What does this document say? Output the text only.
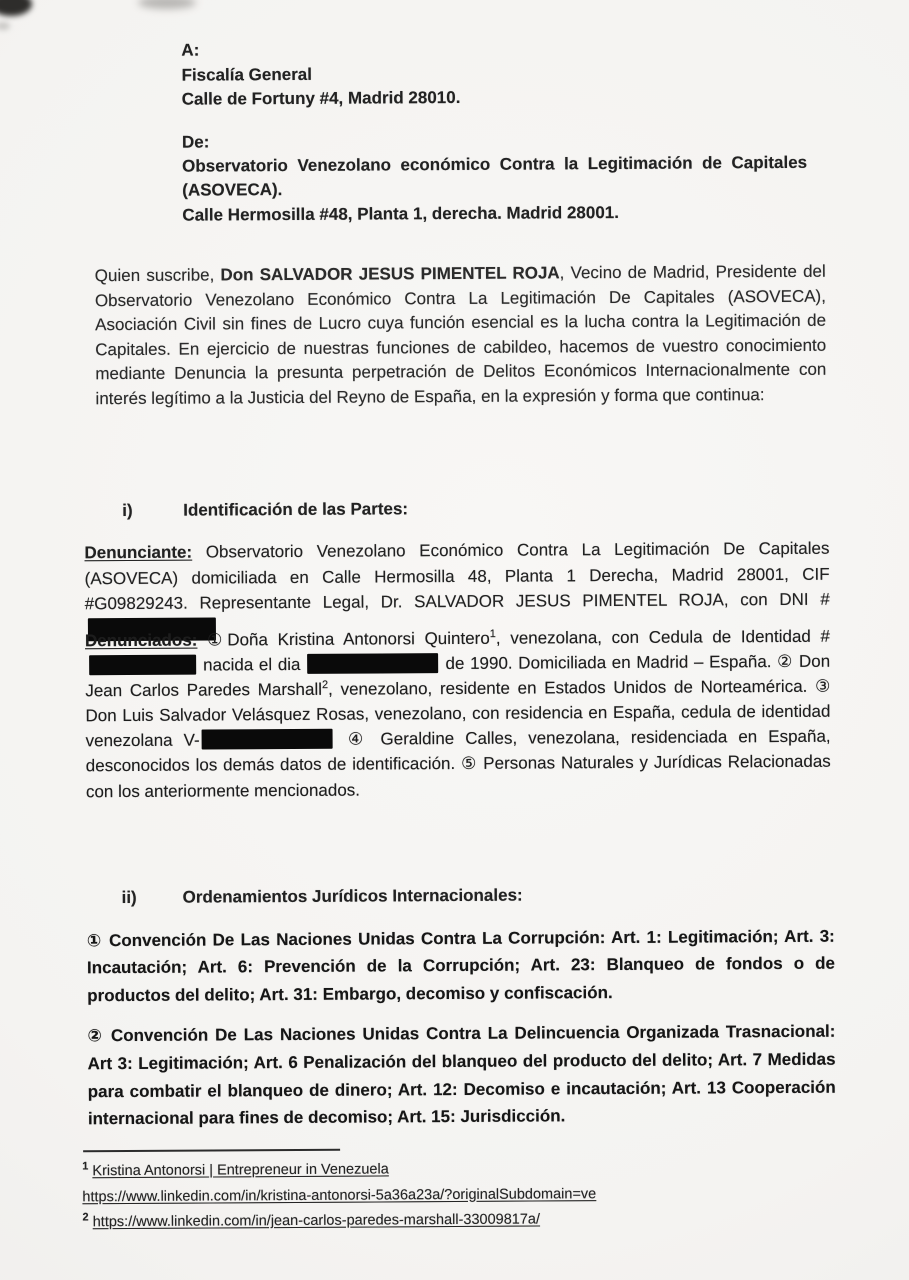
A:
Fiscalía General
Calle de Fortuny #4, Madrid 28010.
De:
Observatorio Venezolano económico Contra la Legitimación de Capitales
(ASOVECA).
Calle Hermosilla #48, Planta 1, derecha. Madrid 28001.

Quien suscribe, Don SALVADOR JESUS PIMENTEL ROJA, Vecino de Madrid, Presidente del Observatorio Venezolano Económico Contra La Legitimación De Capitales (ASOVECA), Asociación Civil sin fines de Lucro cuya función esencial es la lucha contra la Legitimación de Capitales. En ejercicio de nuestras funciones de cabildeo, hacemos de vuestro conocimiento mediante Denuncia la presunta perpetración de Delitos Económicos Internacionalmente con interés legítimo a la Justicia del Reyno de España, en la expresión y forma que continua:

i)	Identificación de las Partes:

Denunciante: Observatorio Venezolano Económico Contra La Legitimación De Capitales (ASOVECA) domiciliada en Calle Hermosilla 48, Planta 1 Derecha, Madrid 28001, CIF #G09829243. Representante Legal, Dr. SALVADOR JESUS PIMENTEL ROJA, con DNI #

Denunciados: ①Doña Kristina Antonorsi Quintero$^1$, venezolana, con Cedula de Identidad #nacida el dia	de 1990. Domiciliada en Madrid – España. ② Don Jean Carlos Paredes Marshall$^2$, venezolano, residente en Estados Unidos de Norteamérica. ③ Don Luis Salvador Velásquez Rosas, venezolano, con residencia en España, cedula de identidad venezolana V-	④ Geraldine Calles, venezolana, residenciada en España, desconocidos los demás datos de identificación. ⑤ Personas Naturales y Jurídicas Relacionadas con los anteriormente mencionados.

ii)	Ordenamientos Jurídicos Internacionales:

① Convención De Las Naciones Unidas Contra La Corrupción: Art. 1: Legitimación; Art. 3: Incautación; Art. 6: Prevención de la Corrupción; Art. 23: Blanqueo de fondos o de productos del delito; Art. 31: Embargo, decomiso y confiscación.

② Convención De Las Naciones Unidas Contra La Delincuencia Organizada Trasnacional: Art 3: Legitimación; Art. 6 Penalización del blanqueo del producto del delito; Art. 7 Medidas para combatir el blanqueo de dinero; Art. 12: Decomiso e incautación; Art. 13 Cooperación internacional para fines de decomiso; Art. 15: Jurisdicción.

$^1$ Kristina Antonorsi | Entrepreneur in Venezuela
https://www.linkedin.com/in/kristina-antonorsi-5a36a23a/?originalSubdomain=ve
$^2$ https://www.linkedin.com/in/jean-carlos-paredes-marshall-33009817a/
